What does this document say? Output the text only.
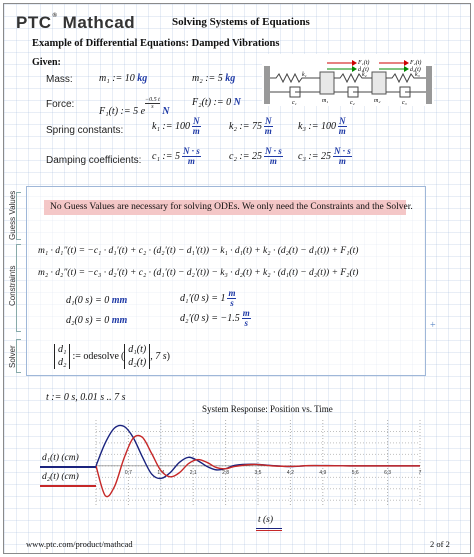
PTC® Mathcad	Solving Systems of Equations
Example of Differential Equations: Damped Vibrations
Given:
Mass:	m₁ := 10 kg	m₂ := 5 kg
Force:
F₁(t) := 5 e
$\frac{-0.5 t}{s}$
N
F₂(t) := 0 N
F₁(t)
d₁(t)
F₂(t)
d₂(t)
k₁	k₂	k₃
c₁	c₂	c₃
m₁	m₂
Spring constants:	k₁ := $100 \frac{N}{m}$	k₂ := $75 \frac{N}{m}$	k₃ := $100 \frac{N}{m}$
Damping coefficients: c₁ := $5 \frac{N \cdot s}{m}$	c₂ := $25 \frac{N \cdot s}{m} c_3$ := $25 \frac{N \cdot s}{m}$
Guess Values
Constraints
Solver
No Guess Values are necessary for solving ODEs. We only need the Constraints and the Solver.
m₁ · d₁″(t) = −c₁ · d₁′(t) + c₂ · (d₂′(t) − d₁′(t)) − k₁ · d₁(t) + k₂ · (d₂(t) − d₁(t)) + F₁(t)
m₂ · d₂″(t) = −c₃ · d₂′(t) + c₂ · (d₁′(t) − d₂′(t)) − k₃ · d₂(t) + k₂ · (d₁(t) − d₂(t)) + F₂(t)
d₁(0 s) = 0 mm
d₂(0 s) = 0 mm
d₁′(0 $s) = 1 \frac{m}{s}$
d₂′(0 $s) = -1.5 \frac{m}{s}$	+
d₁
d₂ := odesolve (
d₁(t)
d₂(t) , 7 s )
t := 0 s, 0.01 s .. 7 s
System Response: Position vs. Time
0.7	1.4	2.1	2.8	3.5	4.2	4.9	5.6	6.3	7
d₁(t) (cm)
d₂(t) (cm)
t (s)
www.ptc.com/product/mathcad	2 of 2
